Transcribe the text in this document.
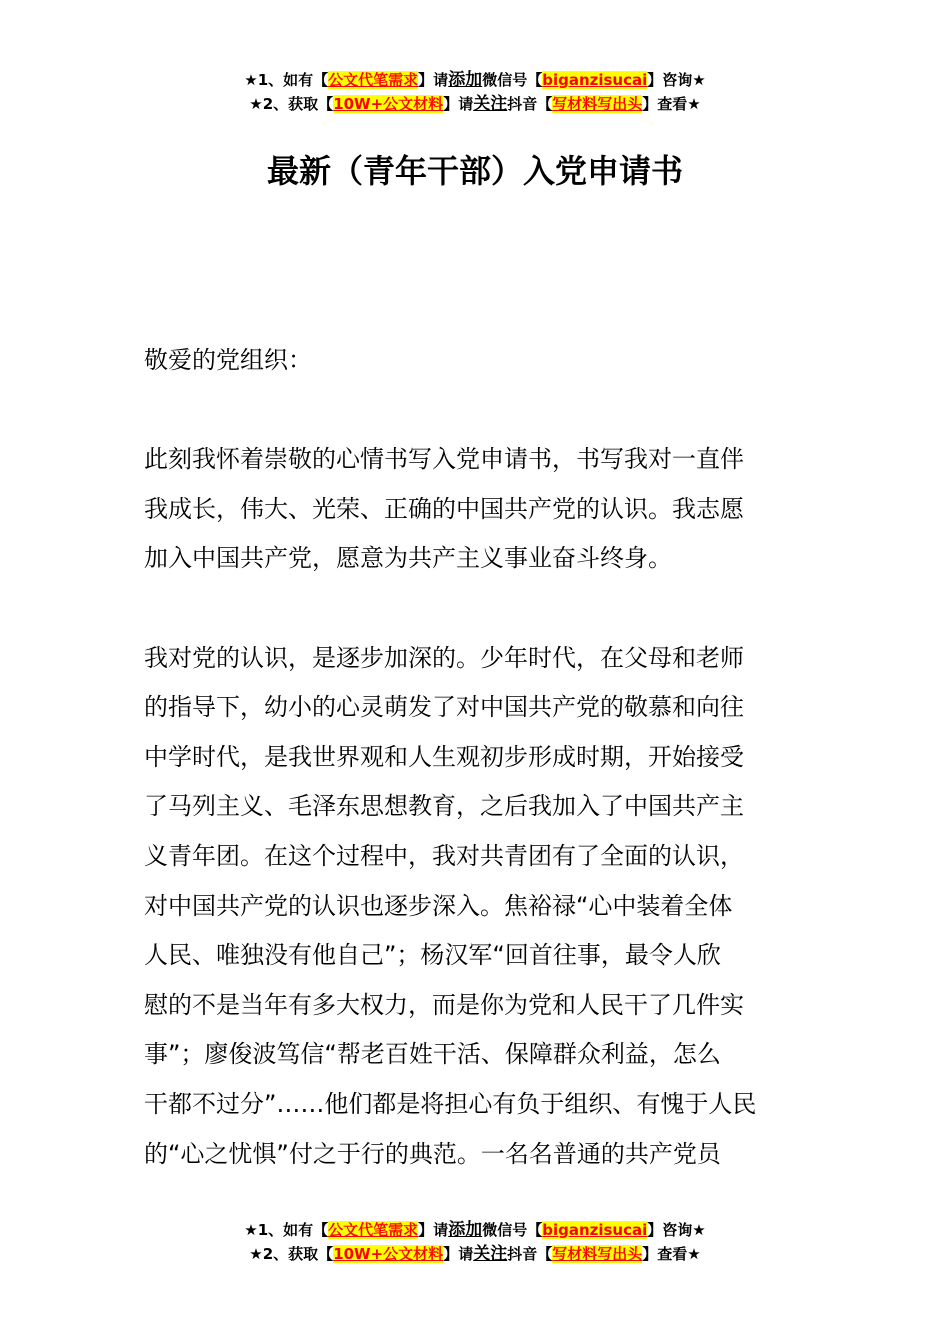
★1、如有【公文代笔需求】请添加微信号【biganzisucai】咨询★
★2、获取【10W+公文材料】请关注抖音【写材料写出头】查看★
最新（青年干部）入党申请书

敬爱的党组织：

此刻我怀着崇敬的心情书写入党申请书，书写我对一直伴
我成长，伟大、光荣、正确的中国共产党的认识。我志愿
加入中国共产党，愿意为共产主义事业奋斗终身。

我对党的认识，是逐步加深的。少年时代，在父母和老师
的指导下，幼小的心灵萌发了对中国共产党的敬慕和向往
中学时代，是我世界观和人生观初步形成时期，开始接受
了马列主义、毛泽东思想教育，之后我加入了中国共产主
义青年团。在这个过程中，我对共青团有了全面的认识，
对中国共产党的认识也逐步深入。焦裕禄“心中装着全体
人民、唯独没有他自己”；杨汉军“回首往事，最令人欣
慰的不是当年有多大权力，而是你为党和人民干了几件实
事”；廖俊波笃信“帮老百姓干活、保障群众利益，怎么
干都不过分”……他们都是将担心有负于组织、有愧于人民
的“心之忧惧”付之于行的典范。一名名普通的共产党员

★1、如有【公文代笔需求】请添加微信号【biganzisucai】咨询★
★2、获取【10W+公文材料】请关注抖音【写材料写出头】查看★
